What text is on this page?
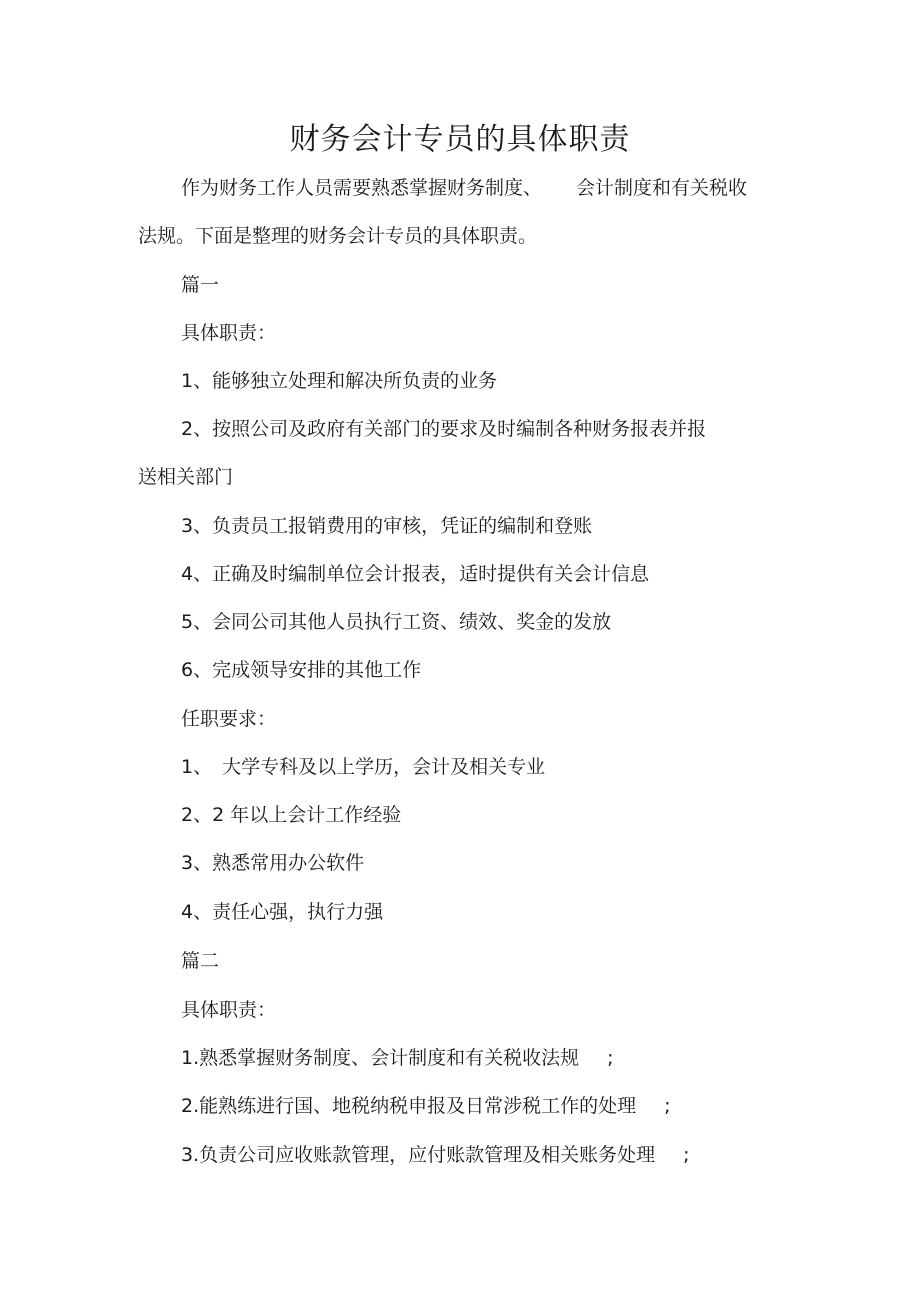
财务会计专员的具体职责
作为财务工作人员需要熟悉掌握财务制度、 会计制度和有关税收
法规。下面是整理的财务会计专员的具体职责。
篇一
具体职责：
1、能够独立处理和解决所负责的业务
2、按照公司及政府有关部门的要求及时编制各种财务报表并报
送相关部门
3、负责员工报销费用的审核，凭证的编制和登账
4、正确及时编制单位会计报表，适时提供有关会计信息
5、会同公司其他人员执行工资、绩效、奖金的发放
6、完成领导安排的其他工作
任职要求：
1、 大学专科及以上学历，会计及相关专业
2、2 年以上会计工作经验
3、熟悉常用办公软件
4、责任心强，执行力强
篇二
具体职责：
1.熟悉掌握财务制度、会计制度和有关税收法规 ;
2.能熟练进行国、地税纳税申报及日常涉税工作的处理 ;
3.负责公司应收账款管理，应付账款管理及相关账务处理 ;
